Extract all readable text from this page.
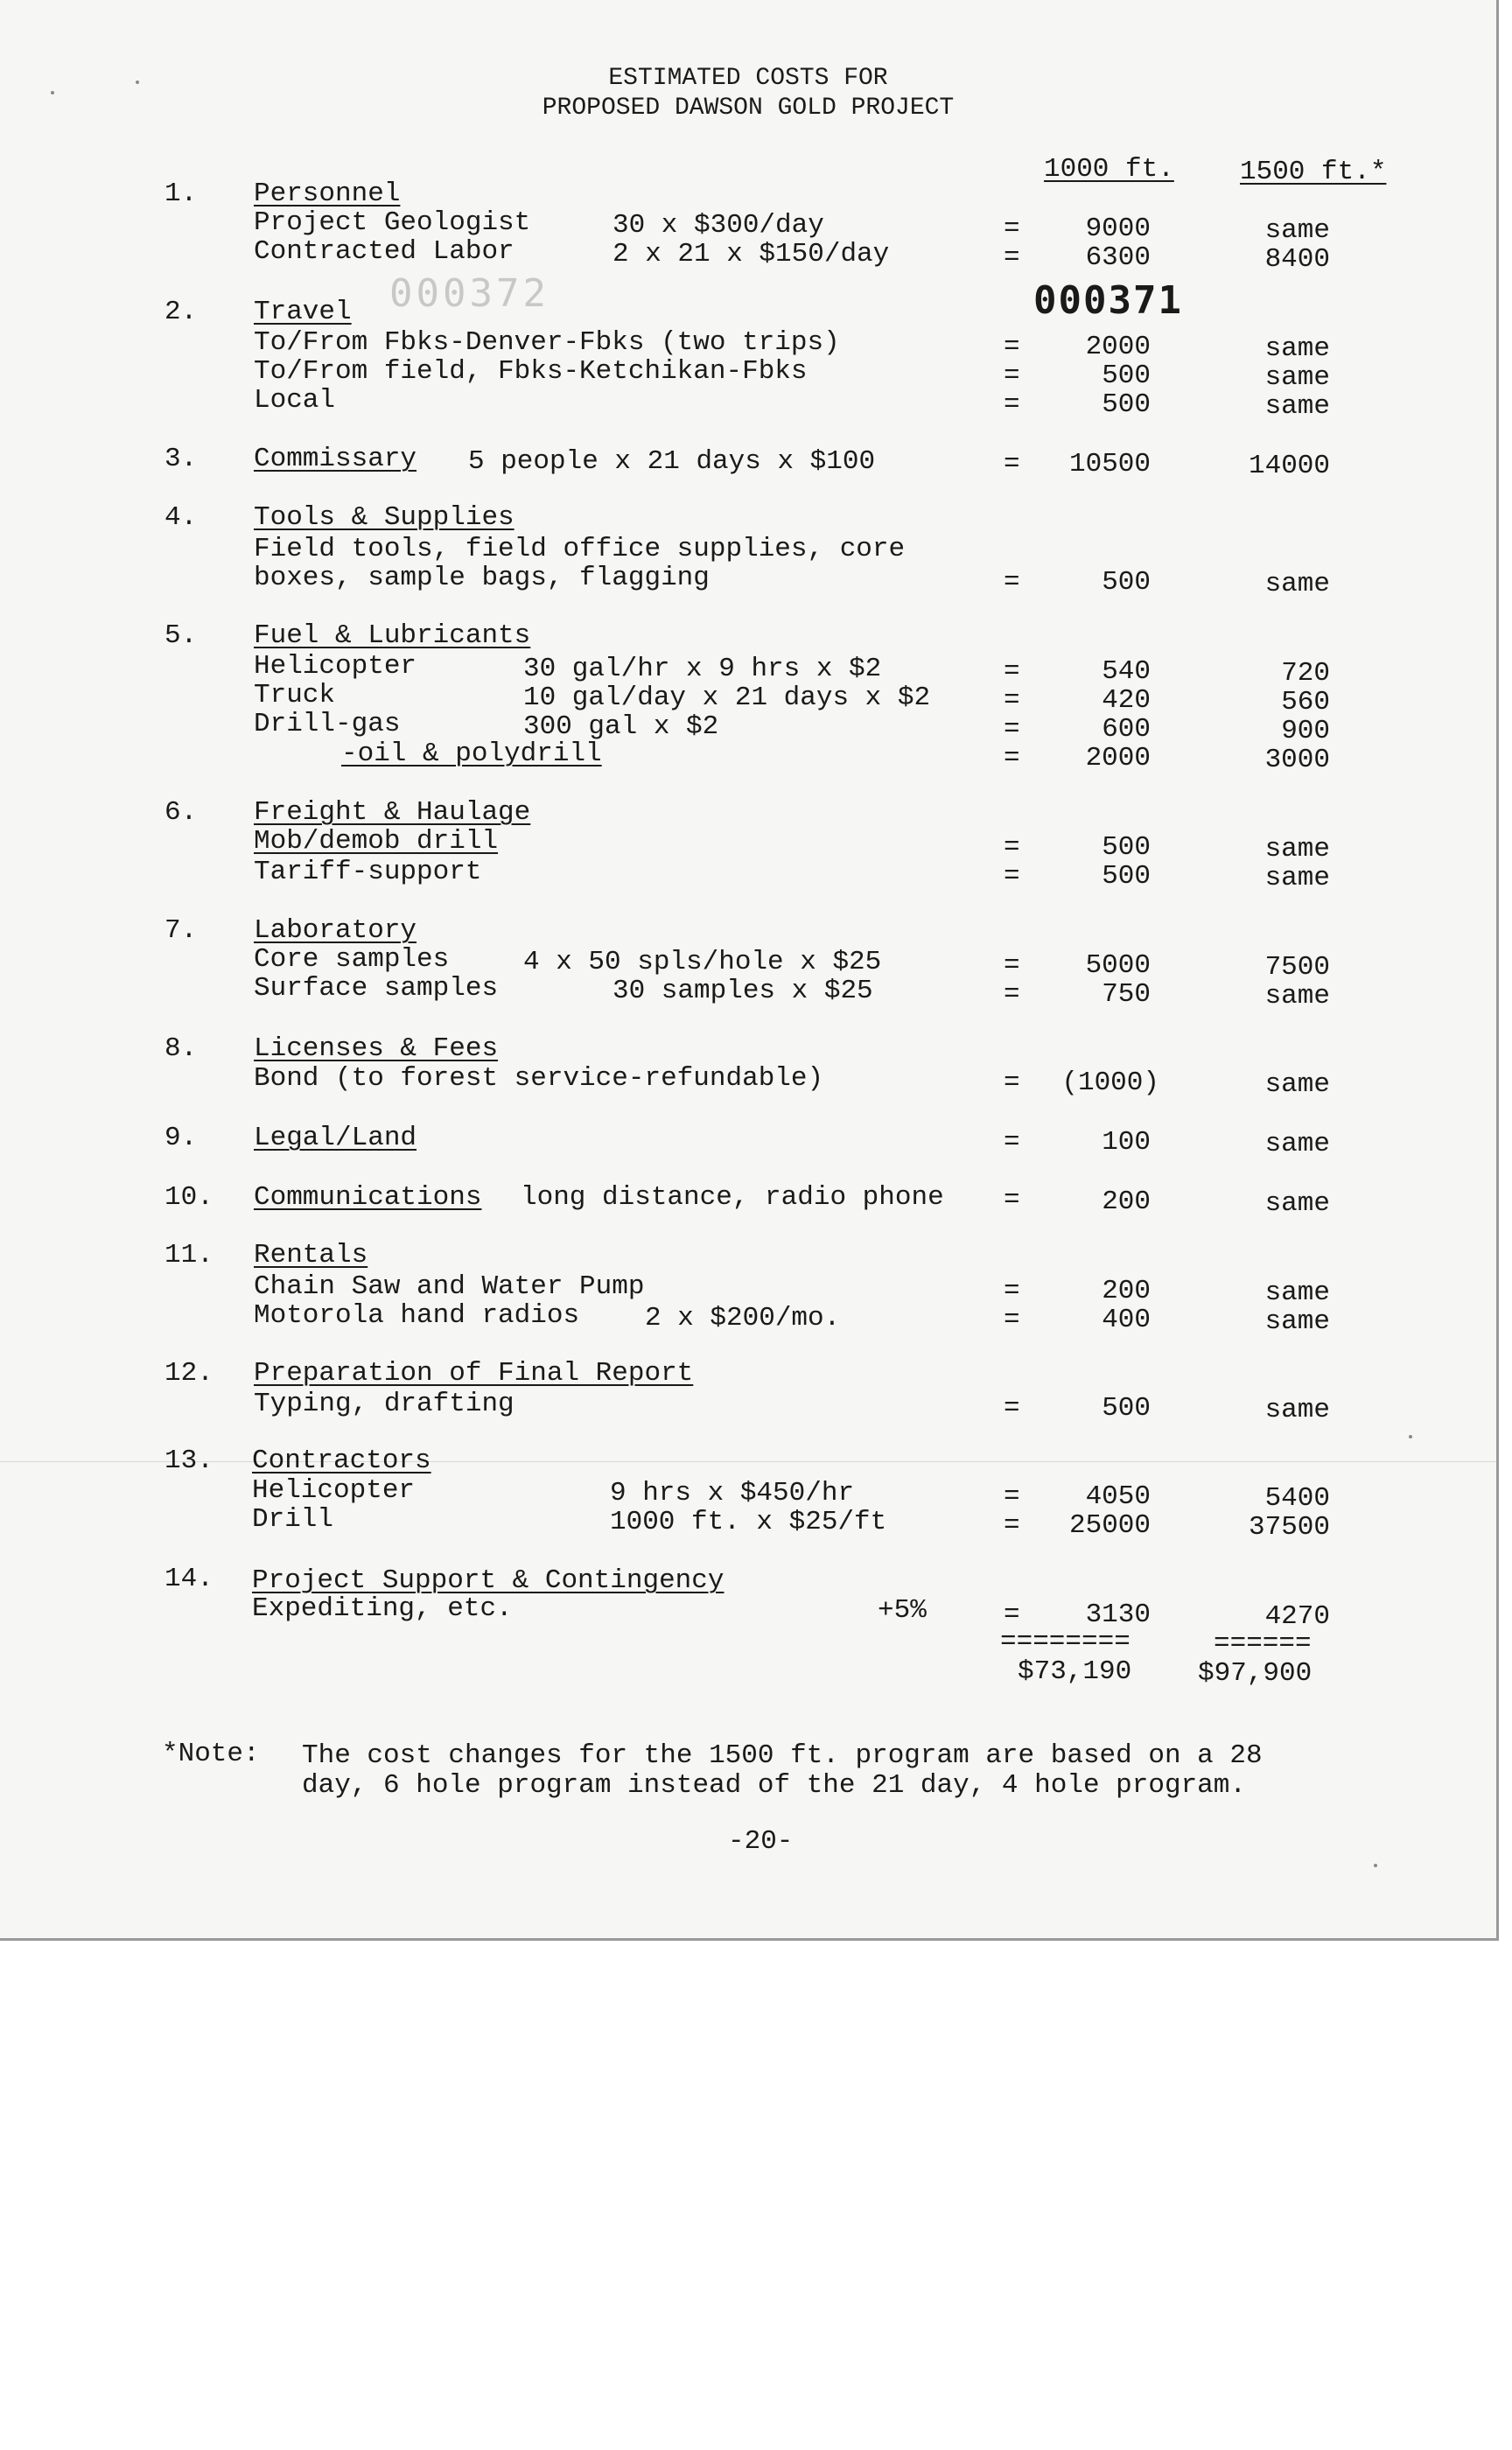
ESTIMATED COSTS FOR
PROPOSED DAWSON GOLD PROJECT
1000 ft. 1500 ft.*
000372	000371
1. Personnel
Project Geologist	30 x $300/day	=	9000	same
Contracted Labor	2 x 21 x $150/day	=	6300	8400
2. Travel
To/From Fbks-Denver-Fbks (two trips)	=	2000	same
To/From field, Fbks-Ketchikan-Fbks	=	500	same
Local	=	500	same
3. Commissary 5 people x 21 days x $100	=	10500	14000
4. Tools & Supplies
Field tools, field office supplies, core
boxes, sample bags, flagging	=	500	same
5. Fuel & Lubricants
Helicopter	30 gal/hr x 9 hrs x $2	=	540	720
Truck	10 gal/day x 21 days x $2	=	420	560
Drill-gas	300 gal x $2	=	600	900
-oil & polydrill	=	2000	3000
6. Freight & Haulage
Mob/demob drill	=	500	same
Tariff-support	=	500	same
7. Laboratory
Core samples	4 x 50 spls/hole x $25	=	5000	7500
Surface samples	30 samples x $25	=	750	same
8. Licenses & Fees
Bond (to forest service-refundable)	=	(1000)	same
9. Legal/Land	=	100	same
10. Communications long distance, radio phone =	200	same
11. Rentals
Chain Saw and Water Pump	=	200	same
Motorola hand radios 2 x $200/mo.	=	400	same
12. Preparation of Final Report
Typing, drafting	=	500	same
13. Contractors
Helicopter	9 hrs x $450/hr	=	4050	5400
Drill	1000 ft. x $25/ft	=	25000	37500
14. Project Support & Contingency
Expediting, etc.	+5%	=	3130	4270
========	======
$73,190 $97,900
*Note: The cost changes for the 1500 ft. program are based on a 28
day, 6 hole program instead of the 21 day, 4 hole program.
-20-
